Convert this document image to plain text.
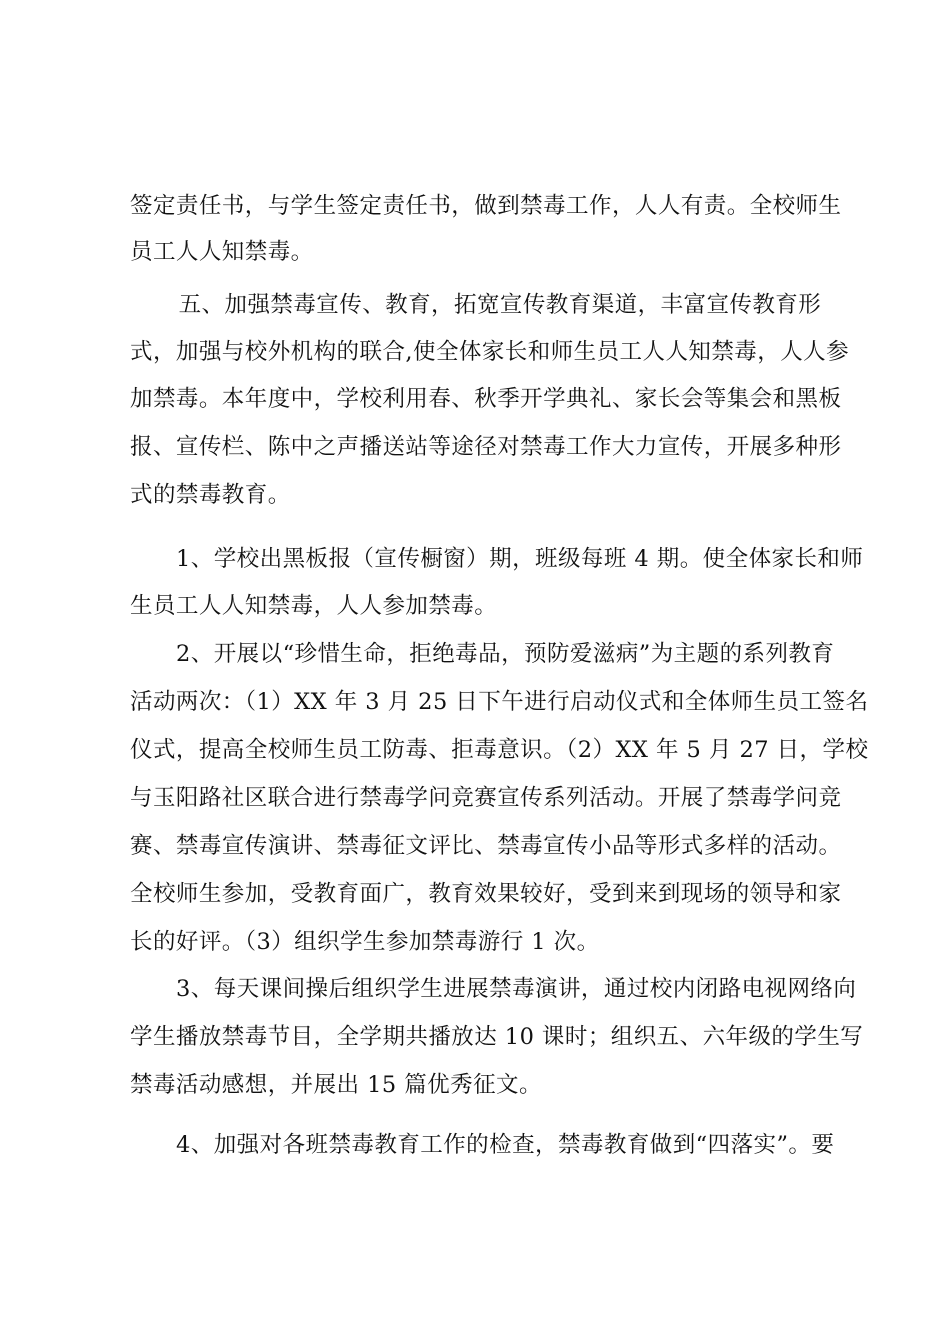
签定责任书，与学生签定责任书，做到禁毒工作，人人有责。全校师生
员工人人知禁毒。
五、加强禁毒宣传、教育，拓宽宣传教育渠道，丰富宣传教育形
式，加强与校外机构的联合,使全体家长和师生员工人人知禁毒，人人参
加禁毒。本年度中，学校利用春、秋季开学典礼、家长会等集会和黑板
报、宣传栏、陈中之声播送站等途径对禁毒工作大力宣传，开展多种形
式的禁毒教育。
1、学校出黑板报（宣传橱窗）期，班级每班 4 期。使全体家长和师
生员工人人知禁毒，人人参加禁毒。
2、开展以“珍惜生命，拒绝毒品，预防爱滋病”为主题的系列教育
活动两次：（1）XX 年 3 月 25 日下午进行启动仪式和全体师生员工签名
仪式，提高全校师生员工防毒、拒毒意识。（2）XX 年 5 月 27 日，学校
与玉阳路社区联合进行禁毒学问竞赛宣传系列活动。开展了禁毒学问竞
赛、禁毒宣传演讲、禁毒征文评比、禁毒宣传小品等形式多样的活动。
全校师生参加，受教育面广，教育效果较好，受到来到现场的领导和家
长的好评。（3）组织学生参加禁毒游行 1 次。
3、每天课间操后组织学生进展禁毒演讲，通过校内闭路电视网络向
学生播放禁毒节目，全学期共播放达 10 课时；组织五、六年级的学生写
禁毒活动感想，并展出 15 篇优秀征文。
4、加强对各班禁毒教育工作的检查，禁毒教育做到“四落实”。要
